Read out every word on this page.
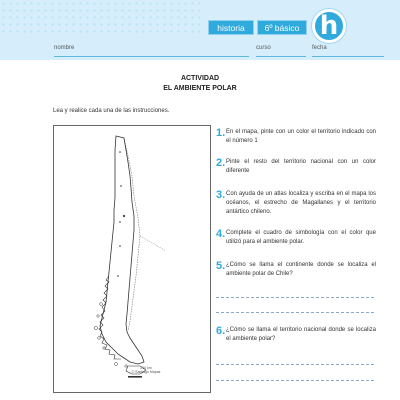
historia	6º básico h
nombre	curso	fecha
ACTIVIDAD
EL AMBIENTE POLAR
Lea y realice cada una de las instrucciones.
200 km
© Santiago Mapas
1. En el mapa, pinte con un color el territorio indicado con el número 1
2. Pinte el resto del territorio nacional con un color diferente
3. Con ayuda de un atlas localiza y escriba en el mapa los océanos, el estrecho de Magallanes y el territorio antártico chileno.
4. Complete el cuadro de simbología con el color que utilizó para el ambiente polar.
5. ¿Cómo se llama el continente donde se localiza el ambiente polar de Chile?
6. ¿Cómo se llama el territorio nacional donde se localiza el ambiente polar?
